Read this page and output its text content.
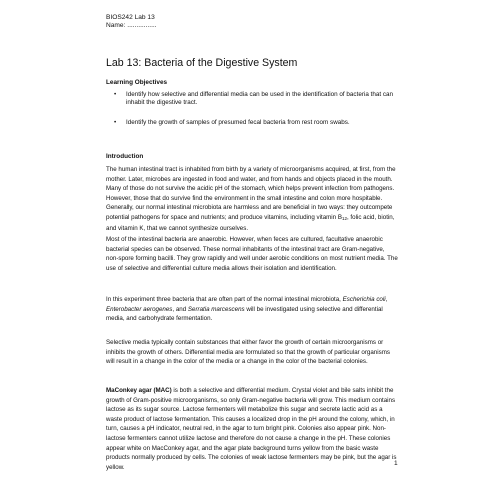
BIOS242 Lab 13
Name: ................
Lab 13: Bacteria of the Digestive System
Learning Objectives
• Identify how selective and differential media can be used in the identification of bacteria that can inhabit the digestive tract.
• Identify the growth of samples of presumed fecal bacteria from rest room swabs.
Introduction
The human intestinal tract is inhabited from birth by a variety of microorganisms acquired, at first, from the mother. Later, microbes are ingested in food and water, and from hands and objects placed in the mouth. Many of those do not survive the acidic pH of the stomach, which helps prevent infection from pathogens. However, those that do survive find the environment in the small intestine and colon more hospitable. Generally, our normal intestinal microbiota are harmless and are beneficial in two ways: they outcompete potential pathogens for space and nutrients; and produce vitamins, including vitamin $B_{12}$, folic acid, biotin, and vitamin K, that we cannot synthesize ourselves.
Most of the intestinal bacteria are anaerobic. However, when feces are cultured, facultative anaerobic bacterial species can be observed. These normal inhabitants of the intestinal tract are Gram-negative, non-spore forming bacilli. They grow rapidly and well under aerobic conditions on most nutrient media. The use of selective and differential culture media allows their isolation and identification.
In this experiment three bacteria that are often part of the normal intestinal microbiota, Escherichia coli, Enterobacter aerogenes, and Serratia marcescens will be investigated using selective and differential media, and carbohydrate fermentation.
Selective media typically contain substances that either favor the growth of certain microorganisms or inhibits the growth of others. Differential media are formulated so that the growth of particular organisms will result in a change in the color of the media or a change in the color of the bacterial colonies.
MaConkey agar (MAC) is both a selective and differential medium. Crystal violet and bile salts inhibit the growth of Gram-positive microorganisms, so only Gram-negative bacteria will grow. This medium contains lactose as its sugar source. Lactose fermenters will metabolize this sugar and secrete lactic acid as a waste product of lactose fermentation. This causes a localized drop in the pH around the colony, which, in turn, causes a pH indicator, neutral red, in the agar to turn bright pink. Colonies also appear pink. Non-lactose fermenters cannot utilize lactose and therefore do not cause a change in the pH. These colonies appear white on MacConkey agar, and the agar plate background turns yellow from the basic waste products normally produced by cells. The colonies of weak lactose fermenters may be pink, but the agar is yellow.
1
